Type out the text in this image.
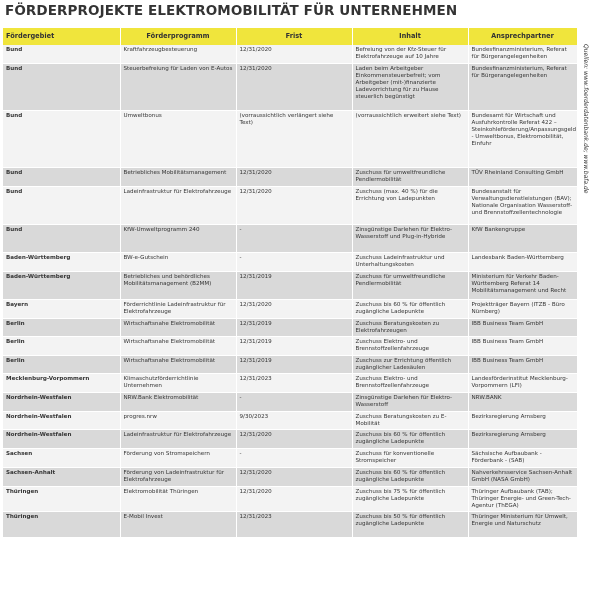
FÖRDERPROJEKTE ELEKTROMOBILITÄT FÜR UNTERNEHMEN
Quellen: www.foerderdatenbank.de; www.bafa.de
Fördergebiet	Förderprogramm	Frist	Inhalt	Ansprechpartner
Bund	Kraftfahrzeugbesteuerung	12/31/2020	Befreiung von der Kfz-Steuer für Elektrofahrzeuge auf 10 Jahre	Bundesfinanzministerium, Referat für Bürgerangelegenheiten
Bund	Steuerbefreiung für Laden von E-Autos	12/31/2020	Laden beim Arbeitgeber Einkommensteuerbefreit; vom Arbeitgeber (mit-)finanzierte Ladevorrichtung für zu Hause steuerlich begünstigt	Bundesfinanzministerium, Referat für Bürgerangelegenheiten
Bund	Umweltbonus	(vorraussichtlich verlängert siehe Text)	(vorraussichtlich erweitert siehe Text)	Bundesamt für Wirtschaft und Ausfuhrkontrolle Referat 422 – Steinkohleförderung/Anpassungsgeld - Umweltbonus, Elektromobilität, Einfuhr
Bund	Betriebliches Mobilitätsmanagement	12/31/2020	Zuschuss für umweltfreundliche Pendlermobilität	TÜV Rheinland Consulting GmbH
Bund	Ladeinfrastruktur für Elektrofahrzeuge	12/31/2020	Zuschuss (max. 40 %) für die Errichtung von Ladepunkten	Bundesanstalt für Verwaltungsdienstleistungen (BAV); Nationale Organisation Wasserstoff- und Brennstoffzellentechnologie
Bund	KfW-Umweltprogramm 240	-	Zinsgünstige Darlehen für Elektro-Wasserstoff und Plug-in-Hybride	KfW Bankengruppe
Baden-Württemberg	BW-e-Gutschein	-	Zuschuss Ladeinfrastruktur und Unterhaltungskosten	Landesbank Baden-Württemberg
Baden-Württemberg	Betriebliches und behördliches Mobilitätsmanagement (B2MM)	12/31/2019	Zuschuss für umweltfreundliche Pendlermobilität	Ministerium für Verkehr Baden-Württemberg Referat 14 Mobilitätsmanagement und Recht
Bayern	Förderrichtlinie Ladeinfrastruktur für Elektrofahrzeuge	12/31/2020	Zuschuss bis 60 % für öffentlich zugängliche Ladepunkte	Projektträger Bayern (ITZB - Büro Nürnberg)
Berlin	Wirtschaftsnahe Elektromobilität	12/31/2019	Zuschuss Beratungskosten zu Elektrofahrzeugen	IBB Business Team GmbH
Berlin	Wirtschaftsnahe Elektromobilität	12/31/2019	Zuschuss Elektro- und Brennstoffzellenfahrzeuge	IBB Business Team GmbH
Berlin	Wirtschaftsnahe Elektromobilität	12/31/2019	Zuschuss zur Errichtung öffentlich zugänglicher Ladesäulen	IBB Business Team GmbH
Mecklenburg-Vorpommern	Klimaschutzförderrichtlinie Unternehmen	12/31/2023	Zuschuss Elektro- und Brennstoffzellenfahrzeuge	Landesförderinstitut Mecklenburg-Vorpommern (LFI)
Nordrhein-Westfalen	NRW.Bank Elektromobilität	-	Zinsgünstige Darlehen für Elektro-Wasserstoff	NRW.BANK
Nordrhein-Westfalen	progres.nrw	9/30/2023	Zuschuss Beratungskosten zu E-Mobilität	Bezirksregierung Arnsberg
Nordrhein-Westfalen	Ladeinfrastruktur für Elektrofahrzeuge	12/31/2020	Zuschuss bis 60 % für öffentlich zugängliche Ladepunkte	Bezirksregierung Arnsberg
Sachsen	Förderung von Stromspeichern	-	Zuschuss für konventionelle Stromspeicher	Sächsische Aufbaubank - Förderbank - (SAB)
Sachsen-Anhalt	Förderung von Ladeinfrastruktur für Elektrofahrzeuge	12/31/2020	Zuschuss bis 60 % für öffentlich zugängliche Ladepunkte	Nahverkehrsservice Sachsen-Anhalt GmbH (NASA GmbH)
Thüringen	Elektromobilität Thüringen	12/31/2020	Zuschuss bis 75 % für öffentlich zugängliche Ladepunkte	Thüringer Aufbaubank (TAB); Thüringer Energie- und Green-Tech-Agentur (ThEGA)
Thüringen	E-Mobil Invest	12/31/2023	Zuschuss bis 50 % für öffentlich zugängliche Ladepunkte	Thüringer Ministerium für Umwelt, Energie und Naturschutz
